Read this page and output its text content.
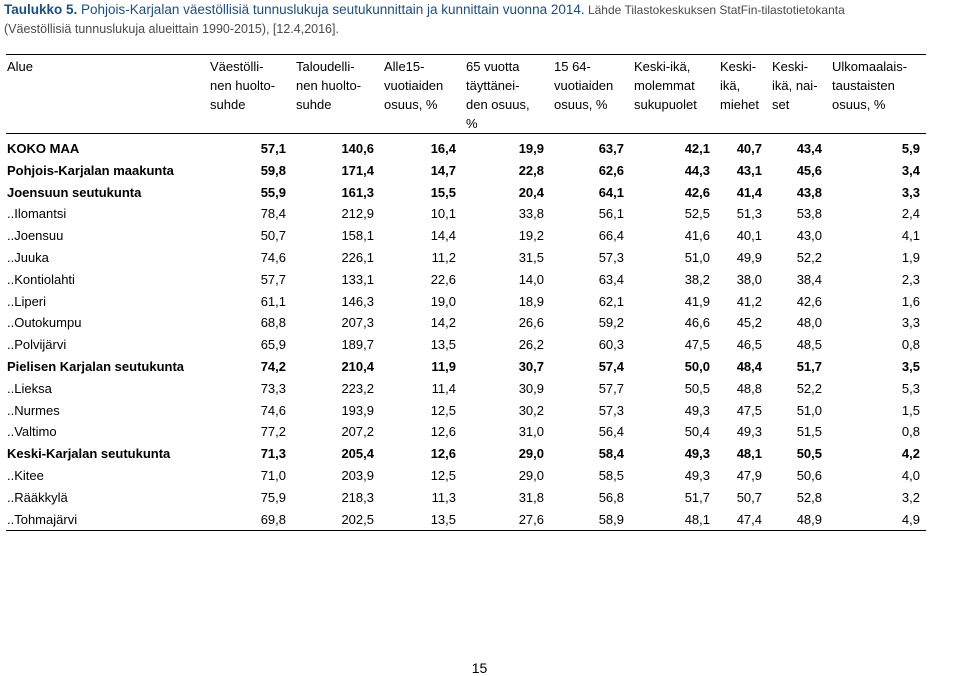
Taulukko 5. Pohjois-Karjalan väestöllisiä tunnuslukuja seutukunnittain ja kunnittain vuonna 2014. Lähde Tilastokeskuksen StatFin-tilastotietokanta
(Väestöllisiä tunnuslukuja alueittain 1990-2015), [12.4,2016].
Alue	Väestölli-
nen huolto-
suhde	Taloudelli-
nen huolto-
suhde	Alle15-
vuotiaiden
osuus, %	65 vuotta
täyttänei-
den osuus,
%	15 64-
vuotiaiden
osuus, %	Keski-ikä,
molemmat
sukupuolet	Keski-
ikä,
miehet	Keski-
ikä, nai-
set	Ulkomaalais-
taustaisten
osuus, %

KOKO MAA	57,1	140,6	16,4	19,9	63,7	42,1	40,7	43,4	5,9
Pohjois-Karjalan maakunta	59,8	171,4	14,7	22,8	62,6	44,3	43,1	45,6	3,4
Joensuun seutukunta	55,9	161,3	15,5	20,4	64,1	42,6	41,4	43,8	3,3
..Ilomantsi	78,4	212,9	10,1	33,8	56,1	52,5	51,3	53,8	2,4
..Joensuu	50,7	158,1	14,4	19,2	66,4	41,6	40,1	43,0	4,1
..Juuka	74,6	226,1	11,2	31,5	57,3	51,0	49,9	52,2	1,9
..Kontiolahti	57,7	133,1	22,6	14,0	63,4	38,2	38,0	38,4	2,3
..Liperi	61,1	146,3	19,0	18,9	62,1	41,9	41,2	42,6	1,6
..Outokumpu	68,8	207,3	14,2	26,6	59,2	46,6	45,2	48,0	3,3
..Polvijärvi	65,9	189,7	13,5	26,2	60,3	47,5	46,5	48,5	0,8
Pielisen Karjalan seutukunta	74,2	210,4	11,9	30,7	57,4	50,0	48,4	51,7	3,5
..Lieksa	73,3	223,2	11,4	30,9	57,7	50,5	48,8	52,2	5,3
..Nurmes	74,6	193,9	12,5	30,2	57,3	49,3	47,5	51,0	1,5
..Valtimo	77,2	207,2	12,6	31,0	56,4	50,4	49,3	51,5	0,8
Keski-Karjalan seutukunta	71,3	205,4	12,6	29,0	58,4	49,3	48,1	50,5	4,2
..Kitee	71,0	203,9	12,5	29,0	58,5	49,3	47,9	50,6	4,0
..Rääkkylä	75,9	218,3	11,3	31,8	56,8	51,7	50,7	52,8	3,2
..Tohmajärvi	69,8	202,5	13,5	27,6	58,9	48,1	47,4	48,9	4,9
15
